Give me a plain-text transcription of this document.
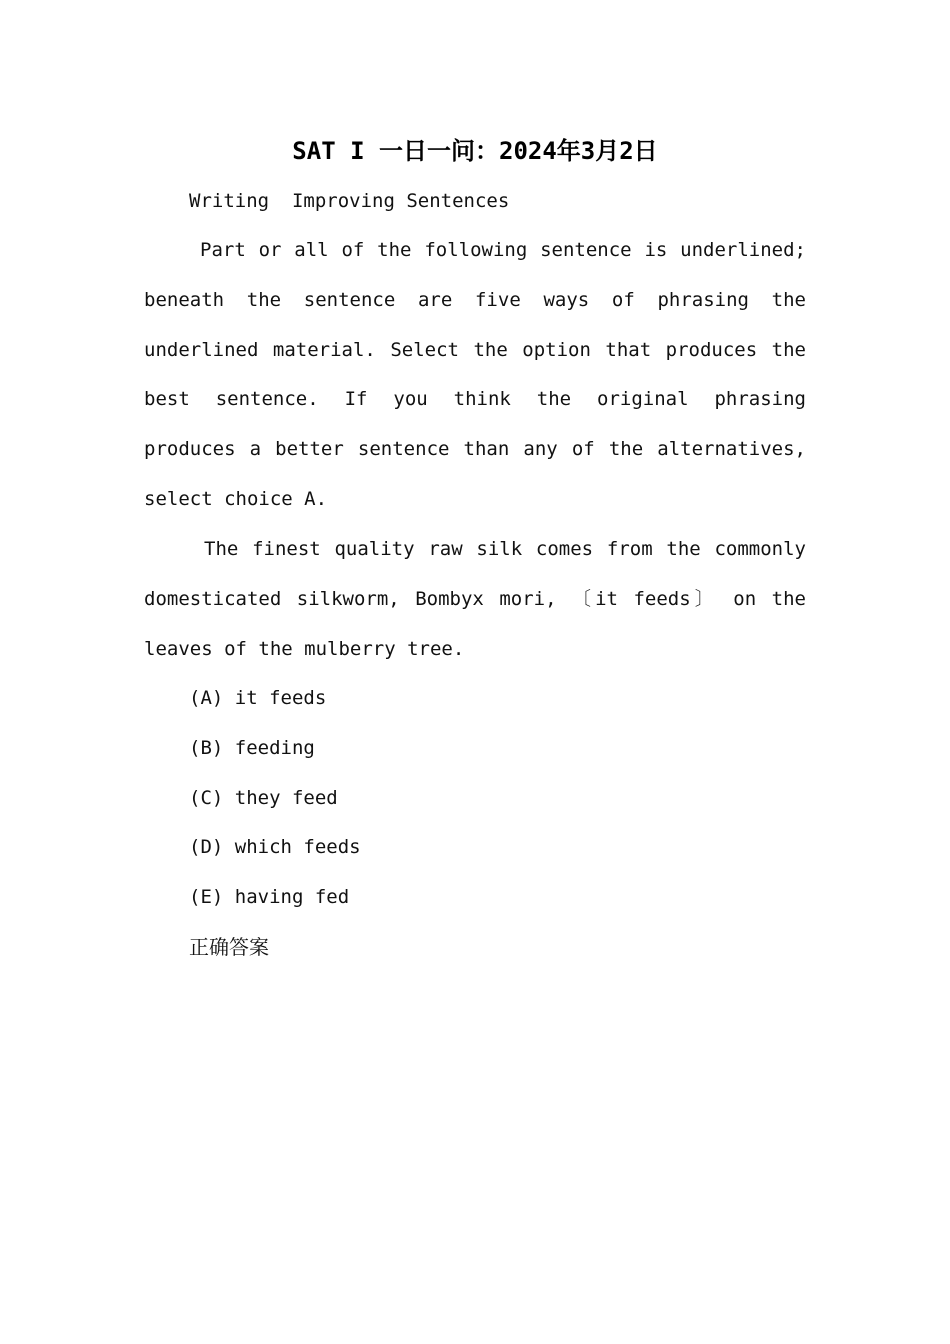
SAT I 一日一问：2024年3月2日
Writing  Improving Sentences

Part or all of the following sentence is underlined; beneath the sentence are five ways of phrasing the underlined material. Select the option that produces the best sentence. If you think the original phrasing produces a better sentence than any of the alternatives, select choice A.

The finest quality raw silk comes from the commonly domesticated silkworm, Bombyx mori, 〔it feeds〕 on the leaves of the mulberry tree.

(A) it feeds
(B) feeding
(C) they feed
(D) which feeds
(E) having fed
正确答案
